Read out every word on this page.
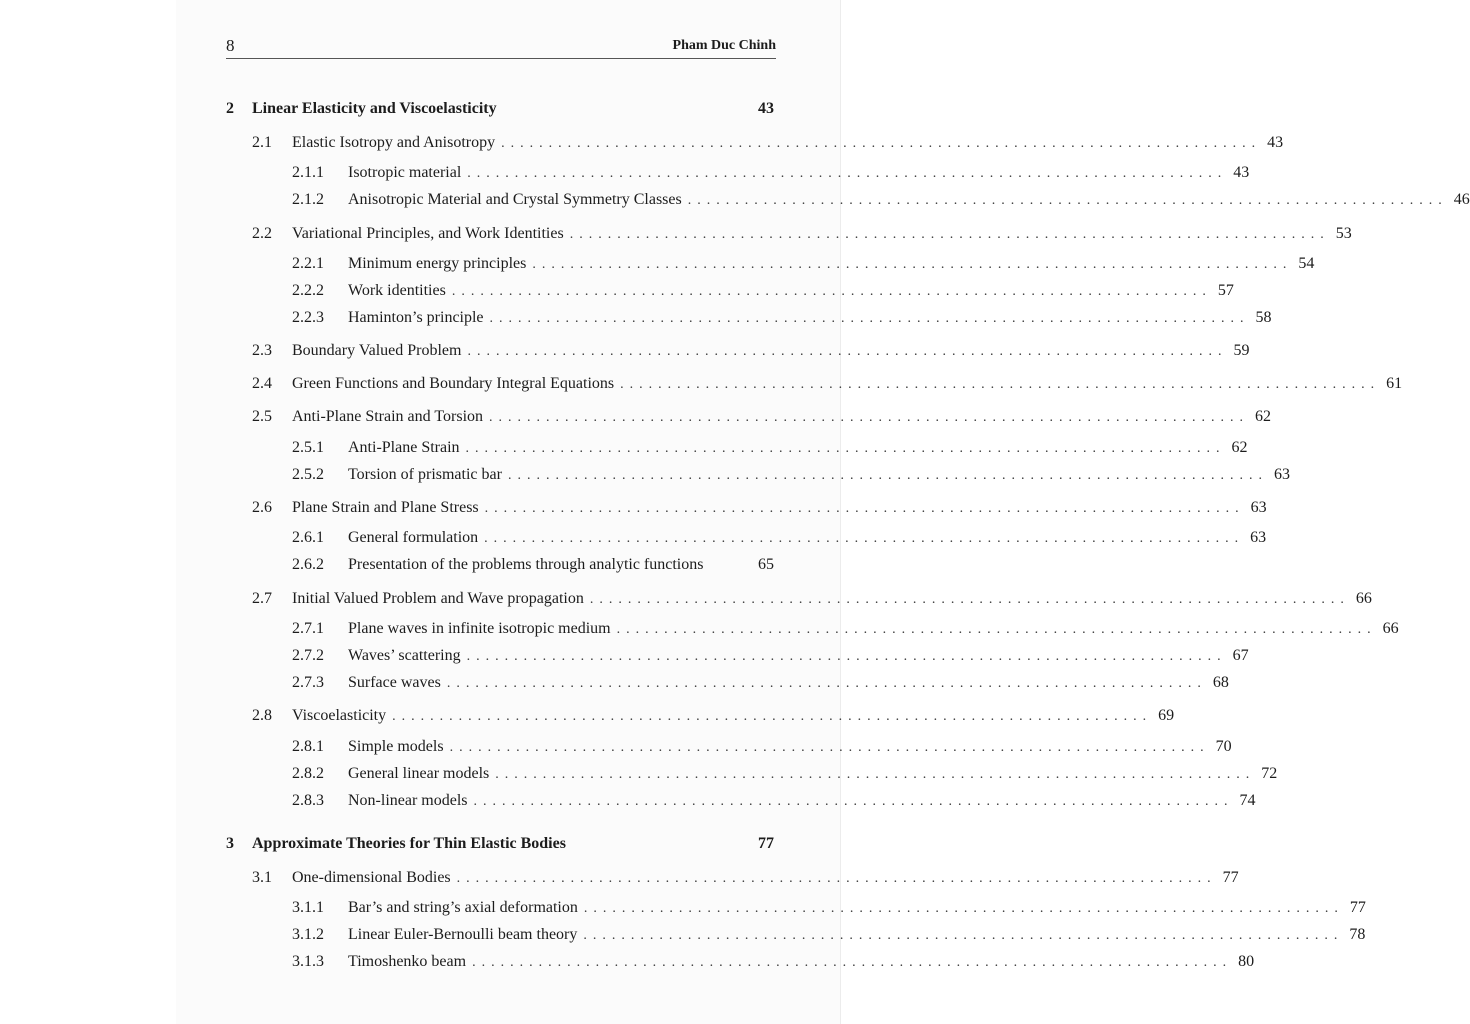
8	Pham Duc Chinh
2	Linear Elasticity and Viscoelasticity	43
2.1	Elastic Isotropy and Anisotropy ................................................................................ 43
2.1.1	Isotropic material ................................................................................ 43
2.1.2	Anisotropic Material and Crystal Symmetry Classes ................................................................................ 46
2.2	Variational Principles, and Work Identities ................................................................................ 53
2.2.1	Minimum energy principles ................................................................................ 54
2.2.2	Work identities ................................................................................ 57
2.2.3	Haminton’s principle ................................................................................ 58
2.3	Boundary Valued Problem ................................................................................ 59
2.4	Green Functions and Boundary Integral Equations ................................................................................ 61
2.5	Anti-Plane Strain and Torsion ................................................................................ 62
2.5.1	Anti-Plane Strain ................................................................................ 62
2.5.2	Torsion of prismatic bar ................................................................................ 63
2.6	Plane Strain and Plane Stress ................................................................................ 63
2.6.1	General formulation ................................................................................ 63
2.6.2	Presentation of the problems through analytic functions	65
2.7	Initial Valued Problem and Wave propagation ................................................................................ 66
2.7.1	Plane waves in infinite isotropic medium ................................................................................ 66
2.7.2	Waves’ scattering ................................................................................ 67
2.7.3	Surface waves ................................................................................ 68
2.8	Viscoelasticity ................................................................................ 69
2.8.1	Simple models ................................................................................ 70
2.8.2	General linear models ................................................................................ 72
2.8.3	Non-linear models ................................................................................ 74
3	Approximate Theories for Thin Elastic Bodies	77
3.1	One-dimensional Bodies ................................................................................ 77
3.1.1	Bar’s and string’s axial deformation ................................................................................ 77
3.1.2	Linear Euler-Bernoulli beam theory ................................................................................ 78
3.1.3	Timoshenko beam ................................................................................ 80
